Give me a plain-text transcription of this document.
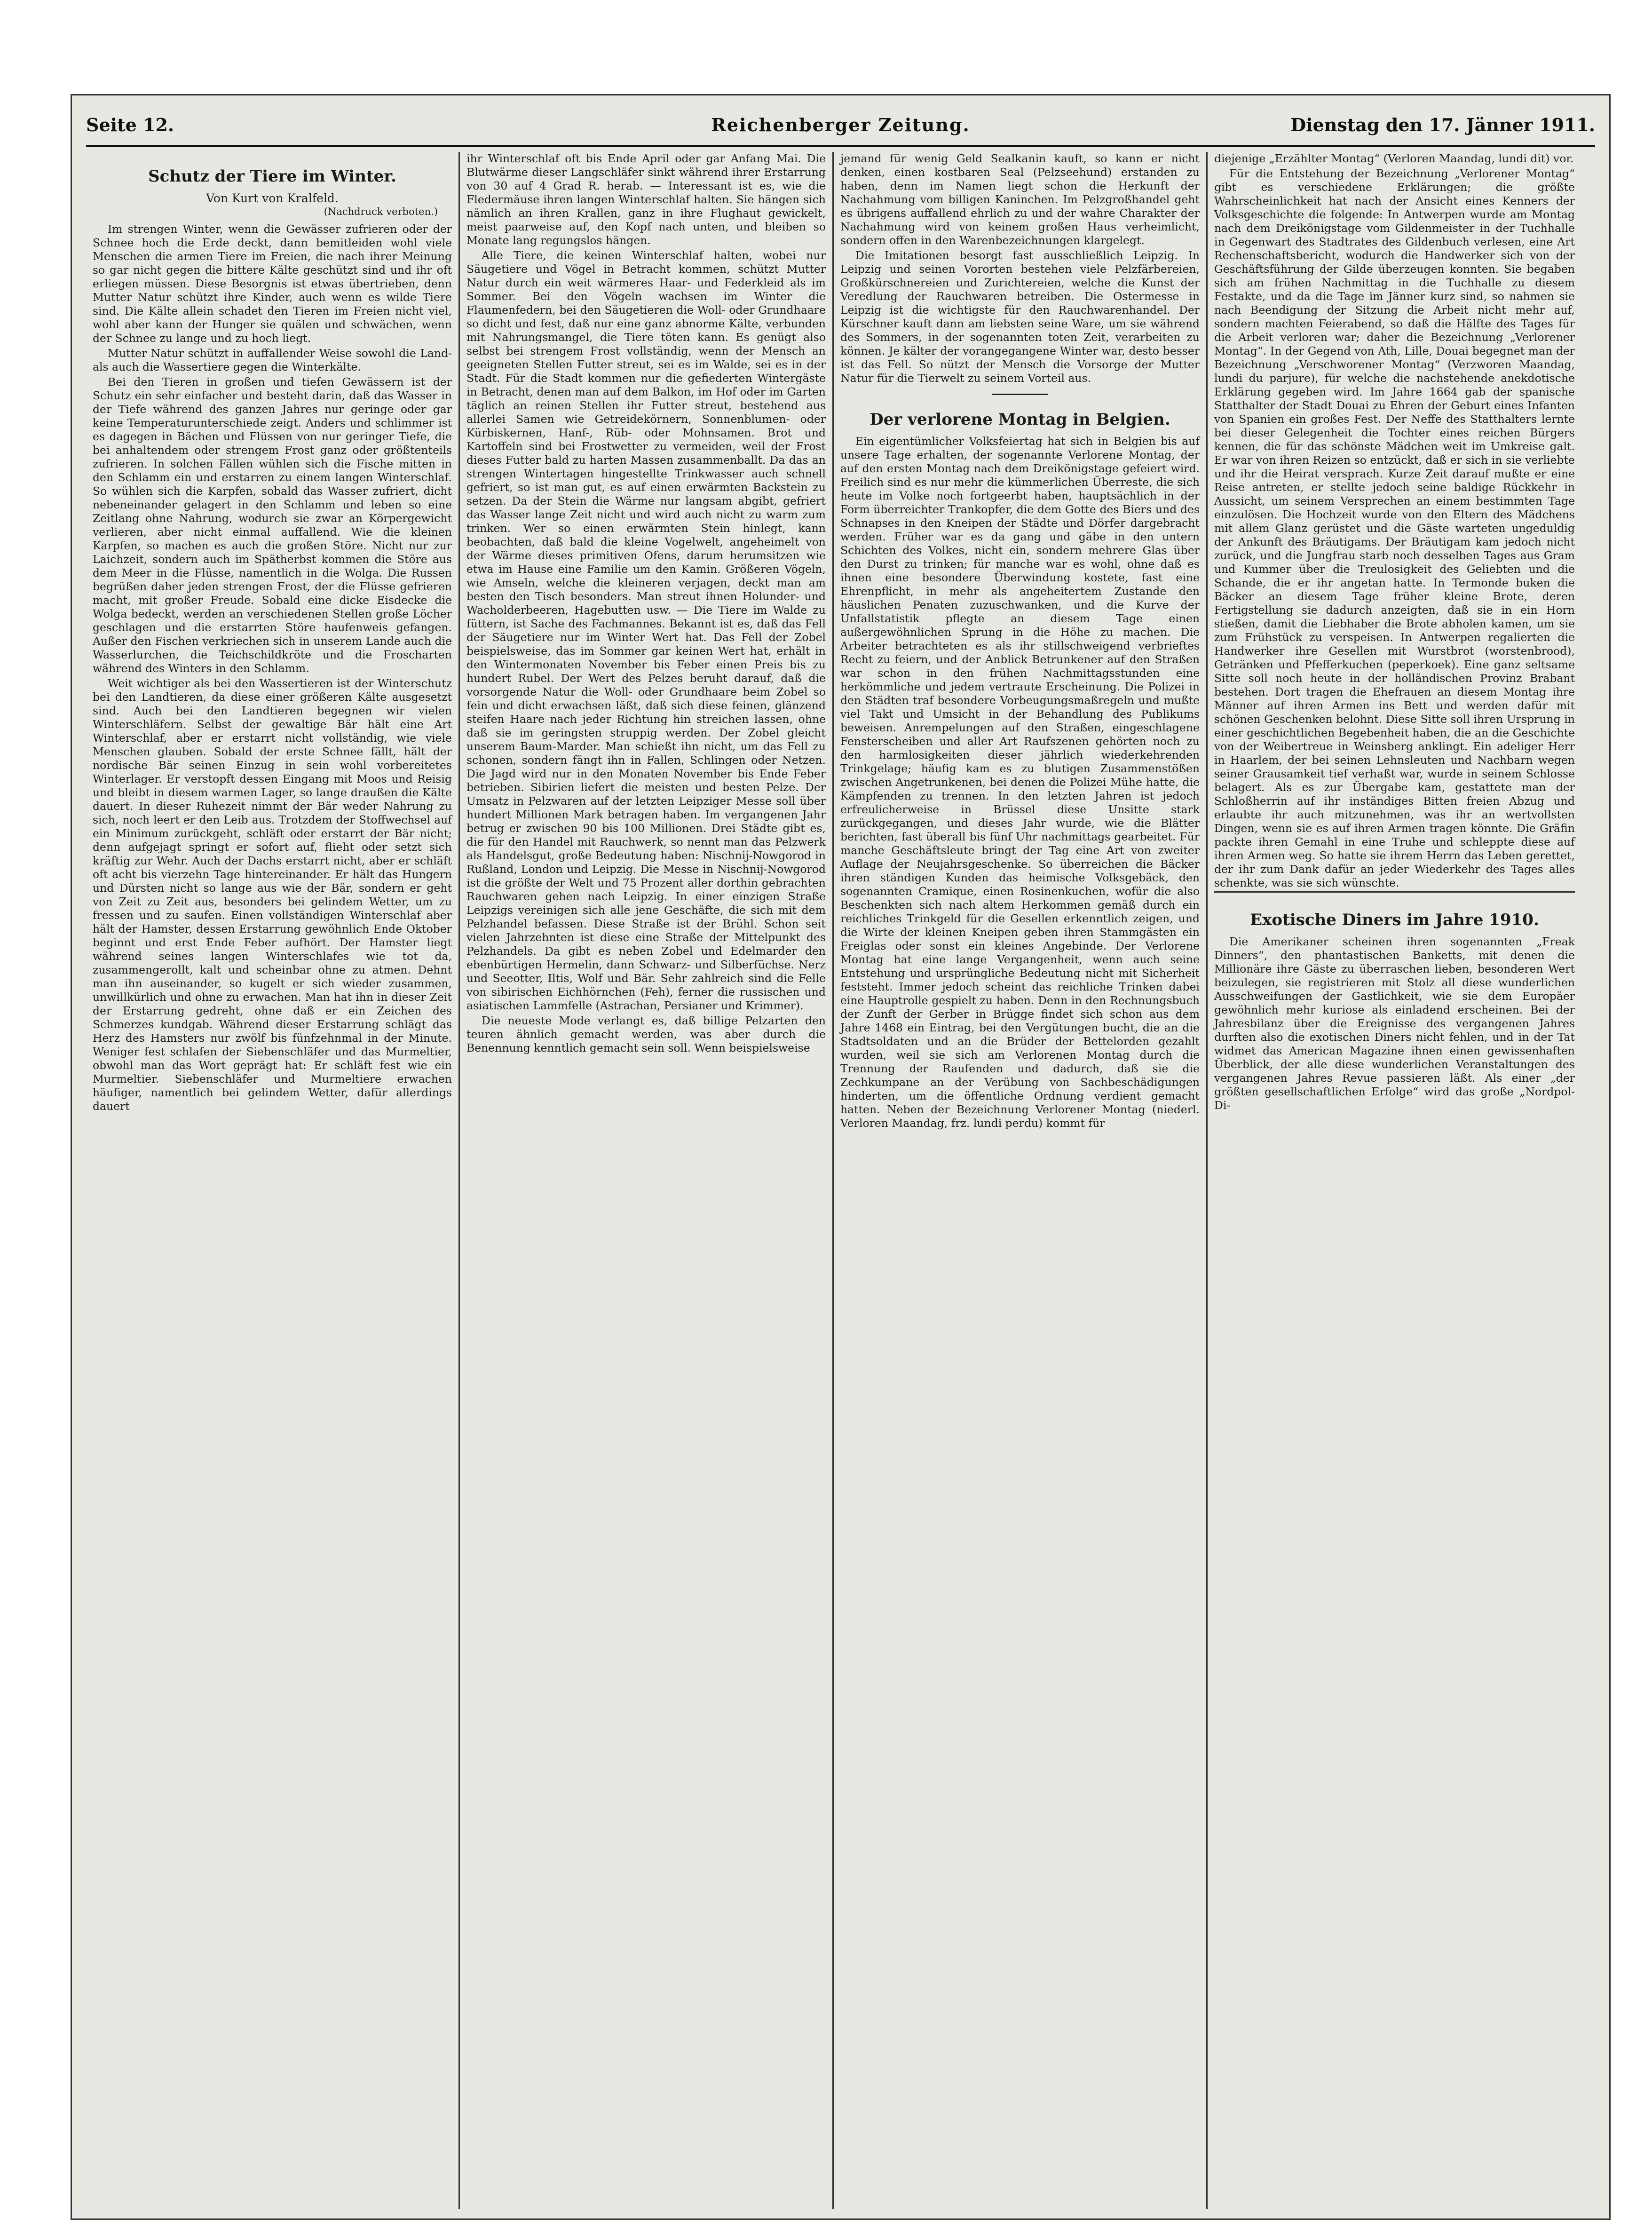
Seite 12.	Reichenberger Zeitung.	Dienstag den 17. Jänner 1911.
Schutz der Tiere im Winter.
Von Kurt von Kralfeld.
(Nachdruck verboten.)

Im strengen Winter, wenn die Gewässer zufrieren oder der Schnee hoch die Erde deckt, dann bemitleiden wohl viele Menschen die armen Tiere im Freien, die nach ihrer Meinung so gar nicht gegen die bittere Kälte geschützt sind und ihr oft erliegen müssen. Diese Besorgnis ist etwas übertrieben, denn Mutter Natur schützt ihre Kinder, auch wenn es wilde Tiere sind. Die Kälte allein schadet den Tieren im Freien nicht viel, wohl aber kann der Hunger sie quälen und schwächen, wenn der Schnee zu lange und zu hoch liegt.

Mutter Natur schützt in auffallender Weise sowohl die Land- als auch die Wassertiere gegen die Winterkälte.

Bei den Tieren in großen und tiefen Gewässern ist der Schutz ein sehr einfacher und besteht darin, daß das Wasser in der Tiefe während des ganzen Jahres nur geringe oder gar keine Temperaturunterschiede zeigt. Anders und schlimmer ist es dagegen in Bächen und Flüssen von nur geringer Tiefe, die bei anhaltendem oder strengem Frost ganz oder größtenteils zufrieren. In solchen Fällen wühlen sich die Fische mitten in den Schlamm ein und erstarren zu einem langen Winterschlaf. So wühlen sich die Karpfen, sobald das Wasser zufriert, dicht nebeneinander gelagert in den Schlamm und leben so eine Zeitlang ohne Nahrung, wodurch sie zwar an Körpergewicht verlieren, aber nicht einmal auffallend. Wie die kleinen Karpfen, so machen es auch die großen Störe. Nicht nur zur Laichzeit, sondern auch im Spätherbst kommen die Störe aus dem Meer in die Flüsse, namentlich in die Wolga. Die Russen begrüßen daher jeden strengen Frost, der die Flüsse gefrieren macht, mit großer Freude. Sobald eine dicke Eisdecke die Wolga bedeckt, werden an verschiedenen Stellen große Löcher geschlagen und die erstarrten Störe haufenweis gefangen. Außer den Fischen verkriechen sich in unserem Lande auch die Wasserlurchen, die Teichschildkröte und die Froscharten während des Winters in den Schlamm.

Weit wichtiger als bei den Wassertieren ist der Winterschutz bei den Landtieren, da diese einer größeren Kälte ausgesetzt sind. Auch bei den Landtieren begegnen wir vielen Winterschläfern. Selbst der gewaltige Bär hält eine Art Winterschlaf, aber er erstarrt nicht vollständig, wie viele Menschen glauben. Sobald der erste Schnee fällt, hält der nordische Bär seinen Einzug in sein wohl vorbereitetes Winterlager. Er verstopft dessen Eingang mit Moos und Reisig und bleibt in diesem warmen Lager, so lange draußen die Kälte dauert. In dieser Ruhezeit nimmt der Bär weder Nahrung zu sich, noch leert er den Leib aus. Trotzdem der Stoffwechsel auf ein Minimum zurückgeht, schläft oder erstarrt der Bär nicht; denn aufgejagt springt er sofort auf, flieht oder setzt sich kräftig zur Wehr. Auch der Dachs erstarrt nicht, aber er schläft oft acht bis vierzehn Tage hintereinander. Er hält das Hungern und Dürsten nicht so lange aus wie der Bär, sondern er geht von Zeit zu Zeit aus, besonders bei gelindem Wetter, um zu fressen und zu saufen. Einen vollständigen Winterschlaf aber hält der Hamster, dessen Erstarrung gewöhnlich Ende Oktober beginnt und erst Ende Feber aufhört. Der Hamster liegt während seines langen Winterschlafes wie tot da, zusammengerollt, kalt und scheinbar ohne zu atmen. Dehnt man ihn auseinander, so kugelt er sich wieder zusammen, unwillkürlich und ohne zu erwachen. Man hat ihn in dieser Zeit der Erstarrung gedreht, ohne daß er ein Zeichen des Schmerzes kundgab. Während dieser Erstarrung schlägt das Herz des Hamsters nur zwölf bis fünfzehnmal in der Minute. Weniger fest schlafen der Siebenschläfer und das Murmeltier, obwohl man das Wort geprägt hat: Er schläft fest wie ein Murmeltier. Siebenschläfer und Murmeltiere erwachen häufiger, namentlich bei gelindem Wetter, dafür allerdings dauert

ihr Winterschlaf oft bis Ende April oder gar Anfang Mai. Die Blutwärme dieser Langschläfer sinkt während ihrer Erstarrung von 30 auf 4 Grad R. herab. — Interessant ist es, wie die Fledermäuse ihren langen Winterschlaf halten. Sie hängen sich nämlich an ihren Krallen, ganz in ihre Flughaut gewickelt, meist paarweise auf, den Kopf nach unten, und bleiben so Monate lang regungslos hängen.

Alle Tiere, die keinen Winterschlaf halten, wobei nur Säugetiere und Vögel in Betracht kommen, schützt Mutter Natur durch ein weit wärmeres Haar- und Federkleid als im Sommer. Bei den Vögeln wachsen im Winter die Flaumenfedern, bei den Säugetieren die Woll- oder Grundhaare so dicht und fest, daß nur eine ganz abnorme Kälte, verbunden mit Nahrungsmangel, die Tiere töten kann. Es genügt also selbst bei strengem Frost vollständig, wenn der Mensch an geeigneten Stellen Futter streut, sei es im Walde, sei es in der Stadt. Für die Stadt kommen nur die gefiederten Wintergäste in Betracht, denen man auf dem Balkon, im Hof oder im Garten täglich an reinen Stellen ihr Futter streut, bestehend aus allerlei Samen wie Getreidekörnern, Sonnenblumen- oder Kürbiskernen, Hanf-, Rüb- oder Mohnsamen. Brot und Kartoffeln sind bei Frostwetter zu vermeiden, weil der Frost dieses Futter bald zu harten Massen zusammenballt. Da das an strengen Wintertagen hingestellte Trinkwasser auch schnell gefriert, so ist man gut, es auf einen erwärmten Backstein zu setzen. Da der Stein die Wärme nur langsam abgibt, gefriert das Wasser lange Zeit nicht und wird auch nicht zu warm zum trinken. Wer so einen erwärmten Stein hinlegt, kann beobachten, daß bald die kleine Vogelwelt, angeheimelt von der Wärme dieses primitiven Ofens, darum herumsitzen wie etwa im Hause eine Familie um den Kamin. Größeren Vögeln, wie Amseln, welche die kleineren verjagen, deckt man am besten den Tisch besonders. Man streut ihnen Holunder- und Wacholderbeeren, Hagebutten usw. — Die Tiere im Walde zu füttern, ist Sache des Fachmannes. Bekannt ist es, daß das Fell der Säugetiere nur im Winter Wert hat. Das Fell der Zobel beispielsweise, das im Sommer gar keinen Wert hat, erhält in den Wintermonaten November bis Feber einen Preis bis zu hundert Rubel. Der Wert des Pelzes beruht darauf, daß die vorsorgende Natur die Woll- oder Grundhaare beim Zobel so fein und dicht erwachsen läßt, daß sich diese feinen, glänzend steifen Haare nach jeder Richtung hin streichen lassen, ohne daß sie im geringsten struppig werden. Der Zobel gleicht unserem Baum-Marder. Man schießt ihn nicht, um das Fell zu schonen, sondern fängt ihn in Fallen, Schlingen oder Netzen. Die Jagd wird nur in den Monaten November bis Ende Feber betrieben. Sibirien liefert die meisten und besten Pelze. Der Umsatz in Pelzwaren auf der letzten Leipziger Messe soll über hundert Millionen Mark betragen haben. Im vergangenen Jahr betrug er zwischen 90 bis 100 Millionen. Drei Städte gibt es, die für den Handel mit Rauchwerk, so nennt man das Pelzwerk als Handelsgut, große Bedeutung haben: Nischnij-Nowgorod in Rußland, London und Leipzig. Die Messe in Nischnij-Nowgorod ist die größte der Welt und 75 Prozent aller dorthin gebrachten Rauchwaren gehen nach Leipzig. In einer einzigen Straße Leipzigs vereinigen sich alle jene Geschäfte, die sich mit dem Pelzhandel befassen. Diese Straße ist der Brühl. Schon seit vielen Jahrzehnten ist diese eine Straße der Mittelpunkt des Pelzhandels. Da gibt es neben Zobel und Edelmarder den ebenbürtigen Hermelin, dann Schwarz- und Silberfüchse. Nerz und Seeotter, Iltis, Wolf und Bär. Sehr zahlreich sind die Felle von sibirischen Eichhörnchen (Feh), ferner die russischen und asiatischen Lammfelle (Astrachan, Persianer und Krimmer).

Die neueste Mode verlangt es, daß billige Pelzarten den teuren ähnlich gemacht werden, was aber durch die Benennung kenntlich gemacht sein soll. Wenn beispielsweise

jemand für wenig Geld Sealkanin kauft, so kann er nicht denken, einen kostbaren Seal (Pelzseehund) erstanden zu haben, denn im Namen liegt schon die Herkunft der Nachahmung vom billigen Kaninchen. Im Pelzgroßhandel geht es übrigens auffallend ehrlich zu und der wahre Charakter der Nachahmung wird von keinem großen Haus verheimlicht, sondern offen in den Warenbezeichnungen klargelegt.

Die Imitationen besorgt fast ausschließlich Leipzig. In Leipzig und seinen Vororten bestehen viele Pelzfärbereien, Großkürschnereien und Zurichtereien, welche die Kunst der Veredlung der Rauchwaren betreiben. Die Ostermesse in Leipzig ist die wichtigste für den Rauchwarenhandel. Der Kürschner kauft dann am liebsten seine Ware, um sie während des Sommers, in der sogenannten toten Zeit, verarbeiten zu können. Je kälter der vorangegangene Winter war, desto besser ist das Fell. So nützt der Mensch die Vorsorge der Mutter Natur für die Tierwelt zu seinem Vorteil aus.

Der verlorene Montag in Belgien.

Ein eigentümlicher Volksfeiertag hat sich in Belgien bis auf unsere Tage erhalten, der sogenannte Verlorene Montag, der auf den ersten Montag nach dem Dreikönigstage gefeiert wird. Freilich sind es nur mehr die kümmerlichen Überreste, die sich heute im Volke noch fortgeerbt haben, hauptsächlich in der Form überreichter Trankopfer, die dem Gotte des Biers und des Schnapses in den Kneipen der Städte und Dörfer dargebracht werden. Früher war es da gang und gäbe in den untern Schichten des Volkes, nicht ein, sondern mehrere Glas über den Durst zu trinken; für manche war es wohl, ohne daß es ihnen eine besondere Überwindung kostete, fast eine Ehrenpflicht, in mehr als angeheitertem Zustande den häuslichen Penaten zuzuschwanken, und die Kurve der Unfallstatistik pflegte an diesem Tage einen außergewöhnlichen Sprung in die Höhe zu machen. Die Arbeiter betrachteten es als ihr stillschweigend verbrieftes Recht zu feiern, und der Anblick Betrunkener auf den Straßen war schon in den frühen Nachmittagsstunden eine herkömmliche und jedem vertraute Erscheinung. Die Polizei in den Städten traf besondere Vorbeugungsmaßregeln und mußte viel Takt und Umsicht in der Behandlung des Publikums beweisen. Anrempelungen auf den Straßen, eingeschlagene Fensterscheiben und aller Art Raufszenen gehörten noch zu den harmlosigkeiten dieser jährlich wiederkehrenden Trinkgelage; häufig kam es zu blutigen Zusammenstößen zwischen Angetrunkenen, bei denen die Polizei Mühe hatte, die Kämpfenden zu trennen. In den letzten Jahren ist jedoch erfreulicherweise in Brüssel diese Unsitte stark zurückgegangen, und dieses Jahr wurde, wie die Blätter berichten, fast überall bis fünf Uhr nachmittags gearbeitet. Für manche Geschäftsleute bringt der Tag eine Art von zweiter Auflage der Neujahrsgeschenke. So überreichen die Bäcker ihren ständigen Kunden das heimische Volksgebäck, den sogenannten Cramique, einen Rosinenkuchen, wofür die also Beschenkten sich nach altem Herkommen gemäß durch ein reichliches Trinkgeld für die Gesellen erkenntlich zeigen, und die Wirte der kleinen Kneipen geben ihren Stammgästen ein Freiglas oder sonst ein kleines Angebinde. Der Verlorene Montag hat eine lange Vergangenheit, wenn auch seine Entstehung und ursprüngliche Bedeutung nicht mit Sicherheit feststeht. Immer jedoch scheint das reichliche Trinken dabei eine Hauptrolle gespielt zu haben. Denn in den Rechnungsbuch der Zunft der Gerber in Brügge findet sich schon aus dem Jahre 1468 ein Eintrag, bei den Vergütungen bucht, die an die Stadtsoldaten und an die Brüder der Bettelorden gezahlt wurden, weil sie sich am Verlorenen Montag durch die Trennung der Raufenden und dadurch, daß sie die Zechkumpane an der Verübung von Sachbeschädigungen hinderten, um die öffentliche Ordnung verdient gemacht hatten. Neben der Bezeichnung Verlorener Montag (niederl. Verloren Maandag, frz. lundi perdu) kommt für

diejenige „Erzählter Montag“ (Verloren Maandag, lundi dit) vor.

Für die Entstehung der Bezeichnung „Verlorener Montag“ gibt es verschiedene Erklärungen; die größte Wahrscheinlichkeit hat nach der Ansicht eines Kenners der Volksgeschichte die folgende: In Antwerpen wurde am Montag nach dem Dreikönigstage vom Gildenmeister in der Tuchhalle in Gegenwart des Stadtrates des Gildenbuch verlesen, eine Art Rechenschaftsbericht, wodurch die Handwerker sich von der Geschäftsführung der Gilde überzeugen konnten. Sie begaben sich am frühen Nachmittag in die Tuchhalle zu diesem Festakte, und da die Tage im Jänner kurz sind, so nahmen sie nach Beendigung der Sitzung die Arbeit nicht mehr auf, sondern machten Feierabend, so daß die Hälfte des Tages für die Arbeit verloren war; daher die Bezeichnung „Verlorener Montag“. In der Gegend von Ath, Lille, Douai begegnet man der Bezeichnung „Verschworener Montag“ (Verzworen Maandag, lundi du parjure), für welche die nachstehende anekdotische Erklärung gegeben wird. Im Jahre 1664 gab der spanische Statthalter der Stadt Douai zu Ehren der Geburt eines Infanten von Spanien ein großes Fest. Der Neffe des Statthalters lernte bei dieser Gelegenheit die Tochter eines reichen Bürgers kennen, die für das schönste Mädchen weit im Umkreise galt. Er war von ihren Reizen so entzückt, daß er sich in sie verliebte und ihr die Heirat versprach. Kurze Zeit darauf mußte er eine Reise antreten, er stellte jedoch seine baldige Rückkehr in Aussicht, um seinem Versprechen an einem bestimmten Tage einzulösen. Die Hochzeit wurde von den Eltern des Mädchens mit allem Glanz gerüstet und die Gäste warteten ungeduldig der Ankunft des Bräutigams. Der Bräutigam kam jedoch nicht zurück, und die Jungfrau starb noch desselben Tages aus Gram und Kummer über die Treulosigkeit des Geliebten und die Schande, die er ihr angetan hatte. In Termonde buken die Bäcker an diesem Tage früher kleine Brote, deren Fertigstellung sie dadurch anzeigten, daß sie in ein Horn stießen, damit die Liebhaber die Brote abholen kamen, um sie zum Frühstück zu verspeisen. In Antwerpen regalierten die Handwerker ihre Gesellen mit Wurstbrot (worstenbrood), Getränken und Pfefferkuchen (peperkoek). Eine ganz seltsame Sitte soll noch heute in der holländischen Provinz Brabant bestehen. Dort tragen die Ehefrauen an diesem Montag ihre Männer auf ihren Armen ins Bett und werden dafür mit schönen Geschenken belohnt. Diese Sitte soll ihren Ursprung in einer geschichtlichen Begebenheit haben, die an die Geschichte von der Weibertreue in Weinsberg anklingt. Ein adeliger Herr in Haarlem, der bei seinen Lehnsleuten und Nachbarn wegen seiner Grausamkeit tief verhaßt war, wurde in seinem Schlosse belagert. Als es zur Übergabe kam, gestattete man der Schloßherrin auf ihr inständiges Bitten freien Abzug und erlaubte ihr auch mitzunehmen, was ihr an wertvollsten Dingen, wenn sie es auf ihren Armen tragen könnte. Die Gräfin packte ihren Gemahl in eine Truhe und schleppte diese auf ihren Armen weg. So hatte sie ihrem Herrn das Leben gerettet, der ihr zum Dank dafür an jeder Wiederkehr des Tages alles schenkte, was sie sich wünschte.

Exotische Diners im Jahre 1910.

Die Amerikaner scheinen ihren sogenannten „Freak Dinners“, den phantastischen Banketts, mit denen die Millionäre ihre Gäste zu überraschen lieben, besonderen Wert beizulegen, sie registrieren mit Stolz all diese wunderlichen Ausschweifungen der Gastlichkeit, wie sie dem Europäer gewöhnlich mehr kuriose als einladend erscheinen. Bei der Jahresbilanz über die Ereignisse des vergangenen Jahres durften also die exotischen Diners nicht fehlen, und in der Tat widmet das American Magazine ihnen einen gewissenhaften Überblick, der alle diese wunderlichen Veranstaltungen des vergangenen Jahres Revue passieren läßt. Als einer „der größten gesellschaftlichen Erfolge“ wird das große „Nordpol-Di-
